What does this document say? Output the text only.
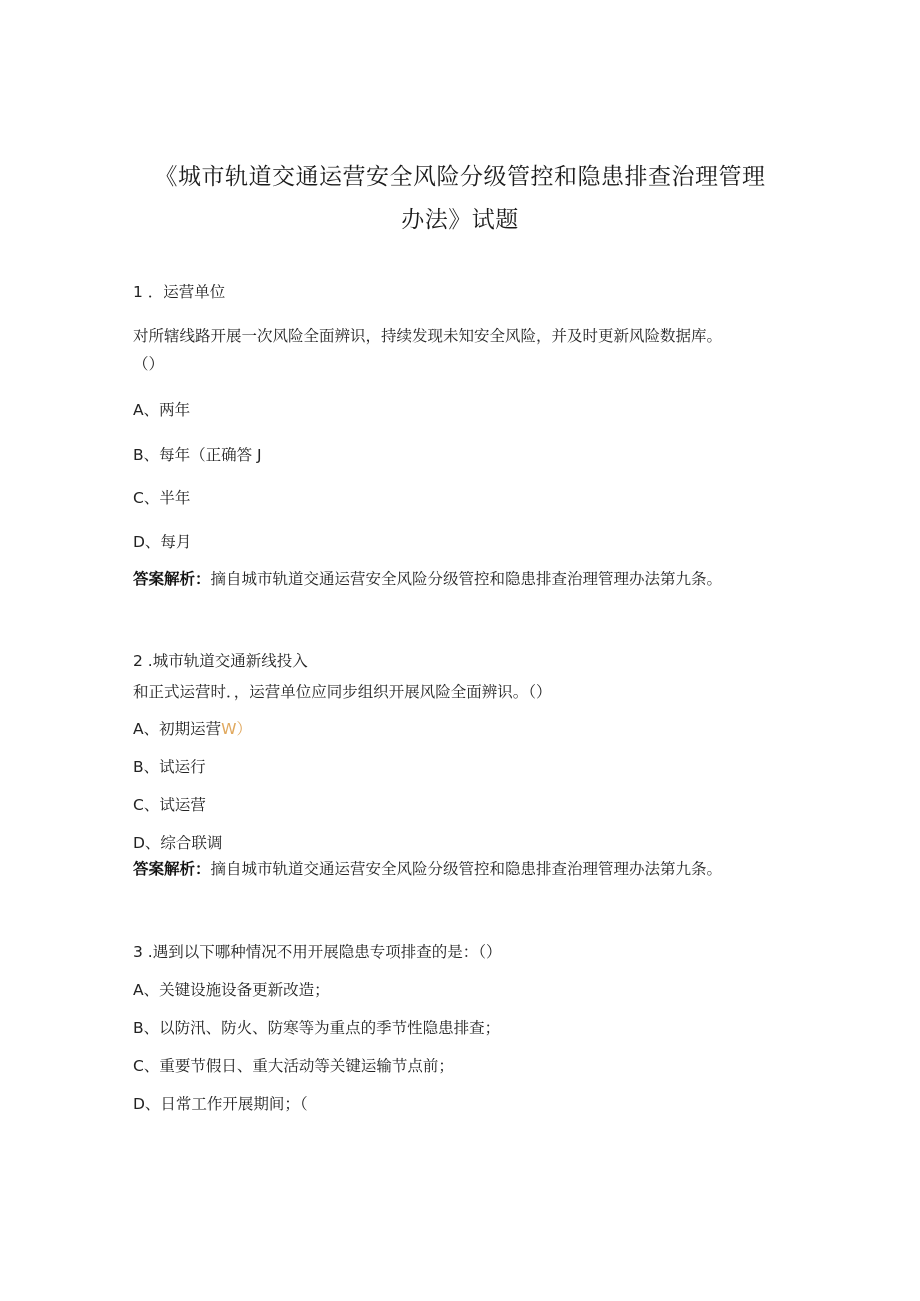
《城市轨道交通运营安全风险分级管控和隐患排查治理管理
办法》试题
1 ．运营单位
对所辖线路开展一次风险全面辨识，持续发现未知安全风险，并及时更新风险数据库。
（）
A、两年
B、每年（正确答 J
C、半年
D、每月
答案解析：摘自城市轨道交通运营安全风险分级管控和隐患排查治理管理办法第九条。
2 .城市轨道交通新线投入
和正式运营时．，运营单位应同步组织开展风险全面辨识。（）
A、初期运营W）
B、试运行
C、试运营
D、综合联调
答案解析：摘自城市轨道交通运营安全风险分级管控和隐患排查治理管理办法第九条。
3 .遇到以下哪种情况不用开展隐患专项排查的是：（）
A、关键设施设备更新改造；
B、以防汛、防火、防寒等为重点的季节性隐患排查；
C、重要节假日、重大活动等关键运输节点前；
D、日常工作开展期间；（
